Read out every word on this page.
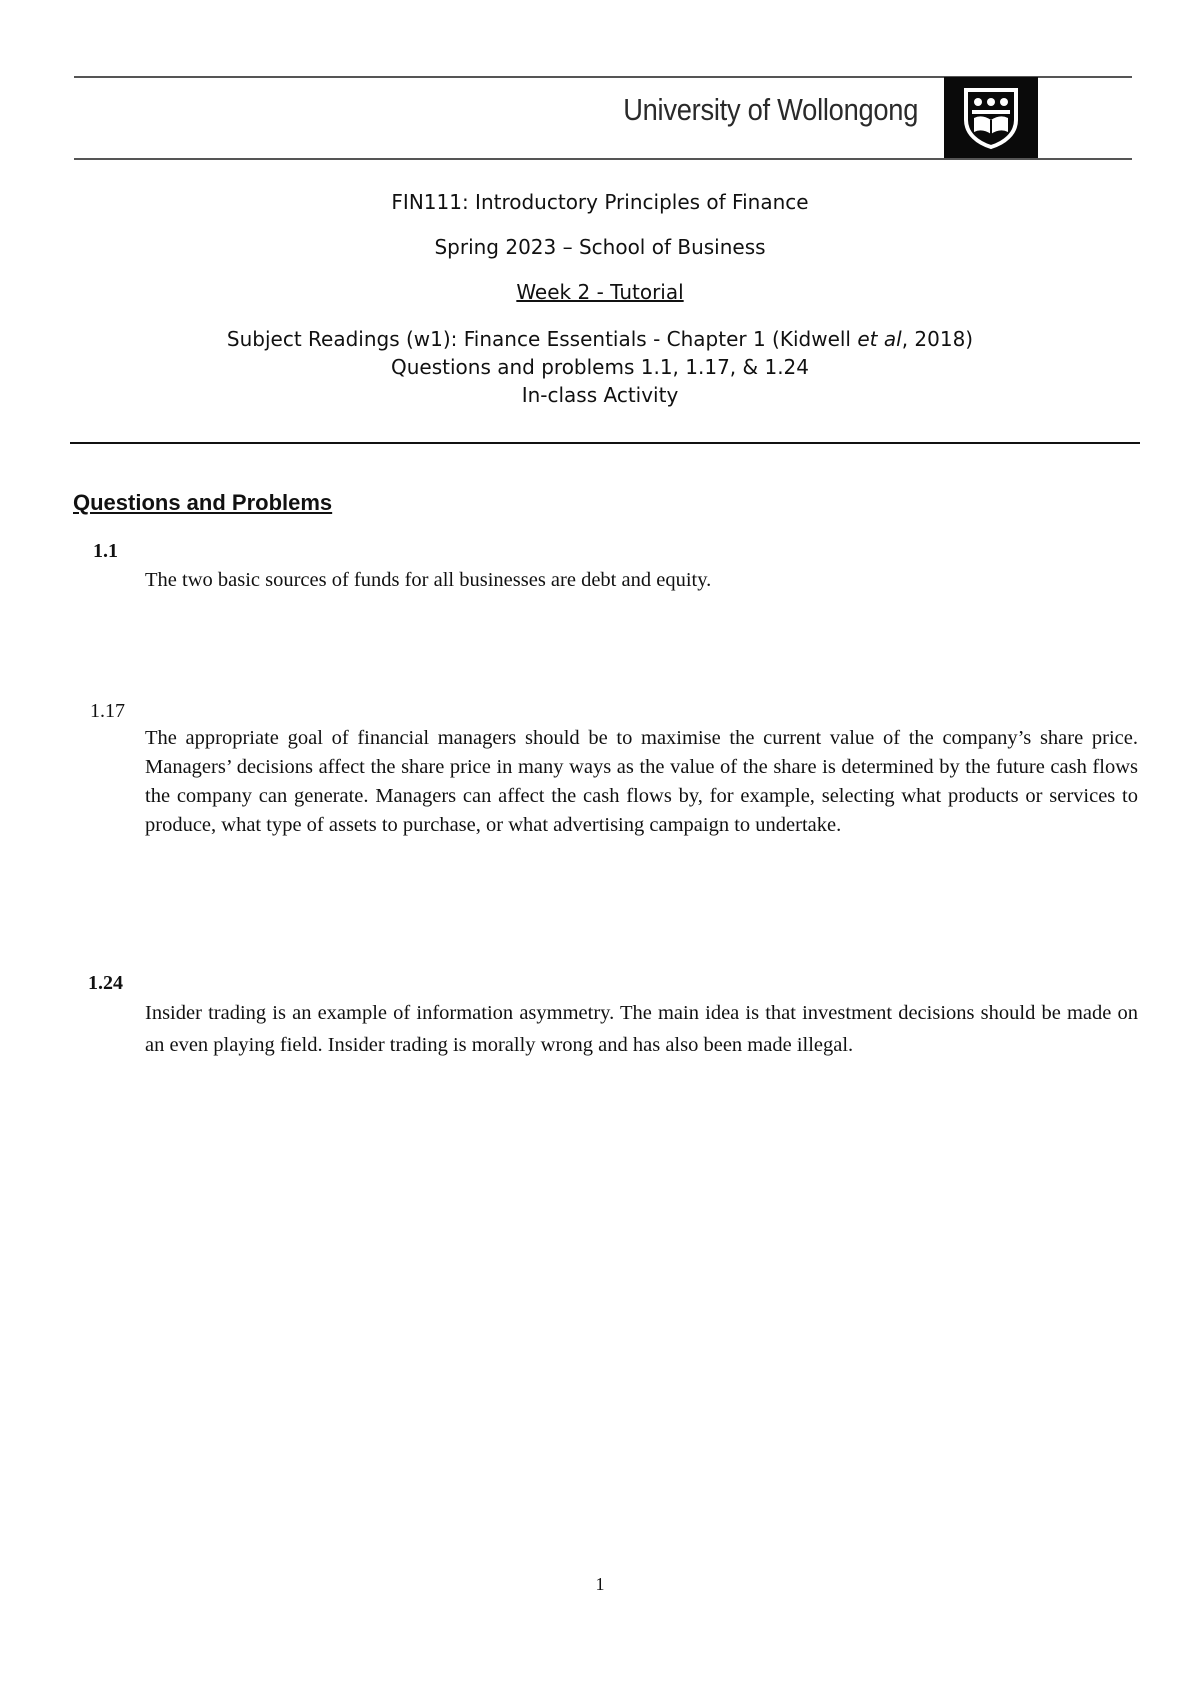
University of Wollongong
FIN111: Introductory Principles of Finance
Spring 2023 – School of Business
Week 2 - Tutorial
Subject Readings (w1): Finance Essentials - Chapter 1 (Kidwell et al, 2018)
Questions and problems 1.1, 1.17, & 1.24
In-class Activity
Questions and Problems
1.1
The two basic sources of funds for all businesses are debt and equity.
1.17
The appropriate goal of financial managers should be to maximise the current value of the company’s share price. Managers’ decisions affect the share price in many ways as the value of the share is determined by the future cash flows the company can generate. Managers can affect the cash flows by, for example, selecting what products or services to produce, what type of assets to purchase, or what advertising campaign to undertake.
1.24
Insider trading is an example of information asymmetry. The main idea is that investment decisions should be made on an even playing field. Insider trading is morally wrong and has also been made illegal.
1
